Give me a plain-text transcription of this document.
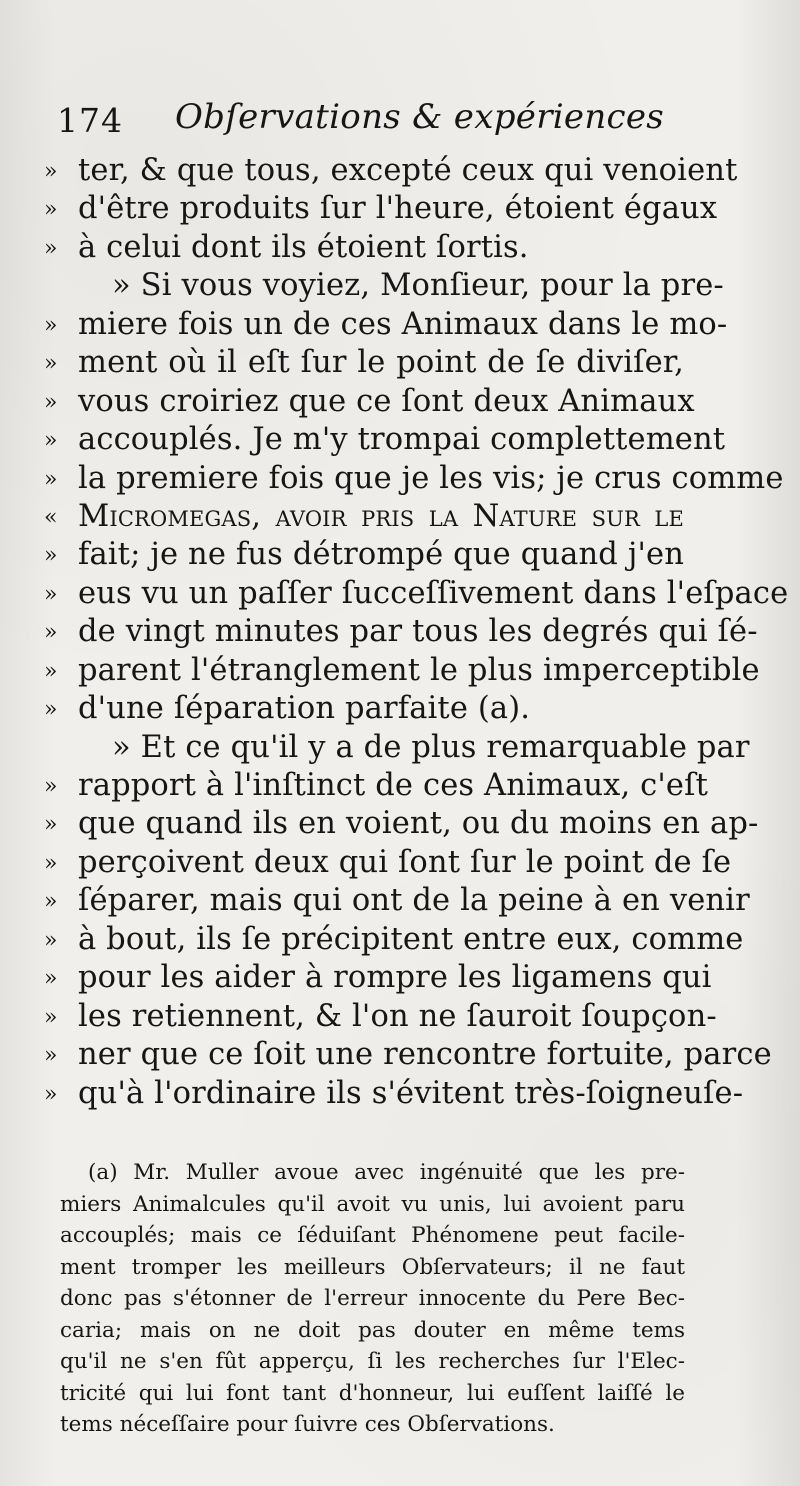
174 Obſervations & expériences
» ter, & que tous, excepté ceux qui venoient
» d'être produits ſur l'heure, étoient égaux
» à celui dont ils étoient ſortis.
» Si vous voyiez, Monſieur, pour la pre-
» miere fois un de ces Animaux dans le mo-
» ment où il eſt ſur le point de ſe diviſer,
» vous croiriez que ce ſont deux Animaux
» accouplés. Je m'y trompai complettement
» la premiere fois que je les vis; je crus comme
« Micromegas, avoir pris la Nature ſur le
» fait; je ne fus détrompé que quand j'en
» eus vu un paſſer ſucceſſivement dans l'eſpace
» de vingt minutes par tous les degrés qui ſé-
» parent l'étranglement le plus imperceptible
» d'une ſéparation parfaite (a).
» Et ce qu'il y a de plus remarquable par
» rapport à l'inſtinct de ces Animaux, c'eſt
» que quand ils en voient, ou du moins en ap-
» perçoivent deux qui ſont ſur le point de ſe
» ſéparer, mais qui ont de la peine à en venir
» à bout, ils ſe précipitent entre eux, comme
» pour les aider à rompre les ligamens qui
» les retiennent, & l'on ne ſauroit ſoupçon-
» ner que ce ſoit une rencontre fortuite, parce
» qu'à l'ordinaire ils s'évitent très-ſoigneuſe-
(a) Mr. Muller avoue avec ingénuité que les pre-
miers Animalcules qu'il avoit vu unis, lui avoient paru
accouplés; mais ce ſéduiſant Phénomene peut facile-
ment tromper les meilleurs Obſervateurs; il ne faut
donc pas s'étonner de l'erreur innocente du Pere Bec-
caria; mais on ne doit pas douter en même tems
qu'il ne s'en fût apperçu, ſi les recherches ſur l'Elec-
tricité qui lui font tant d'honneur, lui euſſent laiſſé le
tems néceſſaire pour ſuivre ces Obſervations.
